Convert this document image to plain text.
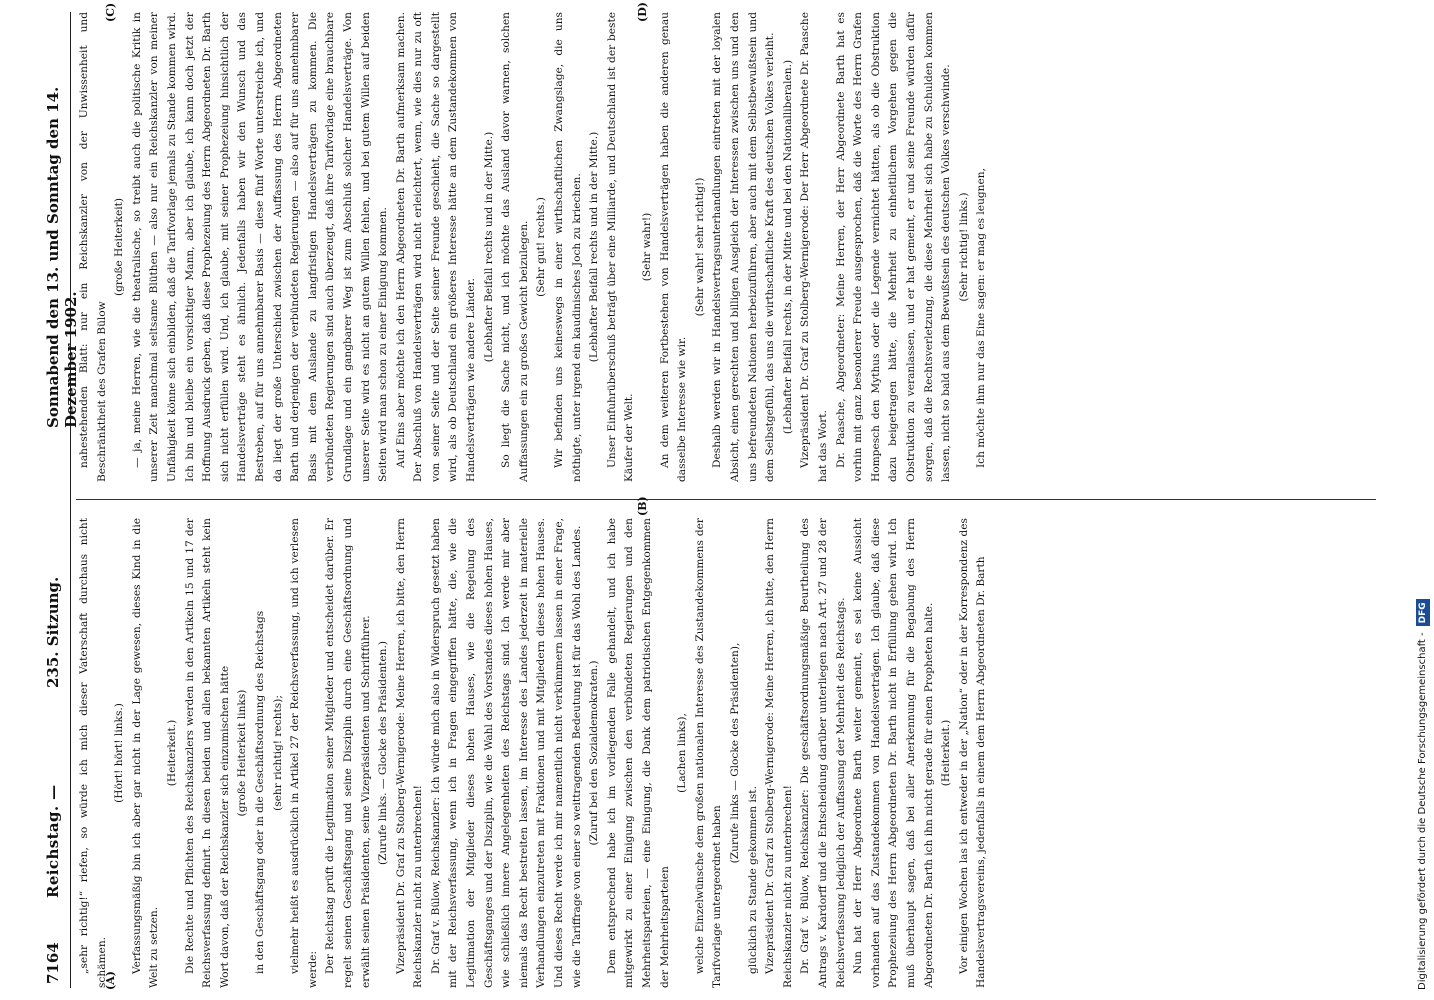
7164
Reichstag. —
235. Sitzung.
Sonnabend den 13. und Sonntag den 14. Dezember 1902.

„sehr richtig!“ riefen, so würde ich mich dieser Vaterschaft durchaus nicht schämen.

(Hört! hört! links.) Verfassungsmäßig bin ich aber gar nicht in der Lage gewesen, dieses Kind in die Welt zu setzen.

(Heiterkeit.) Die Rechte und Pflichten des Reichskanzlers werden in den Artikeln 15 und 17 der Reichsverfassung definirt. In diesen beiden und allen bekannten Artikeln steht kein Wort davon, daß der Reichskanzler sich einzumischen hätte (große Heiterkeit links) in den Geschäftsgang oder in die Geschäftsordnung des Reichstags (sehr richtig! rechts); vielmehr heißt es ausdrücklich in Artikel 27 der Reichsverfassung, und ich verlesen werde: Der Reichstag prüft die Legitimation seiner Mitglieder und entscheidet darüber. Er regelt seinen Geschäftsgang und seine Disziplin durch eine Geschäftsordnung und erwählt seinen Präsidenten, seine Vizepräsidenten und Schriftführer. (Zurufe links. — Glocke des Präsidenten.) Vizepräsident Dr. Graf zu Stolberg-Wernigerode: Meine Herren, ich bitte, den Herrn Reichskanzler nicht zu unterbrechen! Dr. Graf v. Bülow, Reichskanzler: Ich würde mich also in Widerspruch gesetzt haben mit der Reichsverfassung, wenn ich in Fragen eingegriffen hätte, die, wie die Legitimation der Mitglieder dieses hohen Hauses, wie die Regelung des Geschäftsganges und der Disziplin, wie die Wahl des Vorstandes dieses hohen Hauses, wie schließlich innere Angelegenheiten des Reichstags sind. Ich werde mir aber niemals das Recht bestreiten lassen, im Interesse des Landes jederzeit in materielle Verhandlungen einzutreten mit Fraktionen und mit Mitgliedern dieses hohen Hauses. Und dieses Recht werde ich mir namentlich nicht verkümmern lassen in einer Frage, wie die Tariffrage von einer so weittragenden Bedeutung ist für das Wohl des Landes. (Zuruf bei den Sozialdemokraten.) Dem entsprechend habe ich im vorliegenden Falle gehandelt, und ich habe mitgewirkt zu einer Einigung zwischen den verbündeten Regierungen und den Mehrheitsparteien, — eine Einigung, die Dank dem patriotischen Entgegenkommen der Mehrheitsparteien

(Lachen links), welche Einzelwünsche dem großen nationalen Interesse des Zustandekommens der Tarifvorlage untergeordnet haben

(Zurufe links — Glocke des Präsidenten),

glücklich zu Stande gekommen ist. Vizepräsident Dr. Graf zu Stolberg-Wernigerode: Meine Herren, ich bitte, den Herrn Reichskanzler nicht zu unterbrechen! Dr. Graf v. Bülow, Reichskanzler: Die geschäftsordnungsmäßige Beurtheilung des Antrags v. Kardorff und die Entscheidung darüber unterliegen nach Art. 27 und 28 der Reichsverfassung lediglich der Auffassung der Mehrheit des Reichstags. Nun hat der Herr Abgeordnete Barth weiter gemeint, es sei keine Aussicht vorhanden auf das Zustandekommen von Handelsverträgen. Ich glaube, daß diese Prophezeiung des Herrn Abgeordneten Dr. Barth nicht in Erfüllung gehen wird. Ich muß überhaupt sagen, daß bei aller Anerkennung für die Begabung des Herrn Abgeordneten Dr. Barth ich ihn nicht gerade für einen Propheten halte. (Heiterkeit.) Vor einigen Wochen las ich entweder in der „Nation“ oder in der Korrespondenz des Handelsvertragsvereins, jedenfalls in einem dem Herrn Abgeordneten Dr. Barth

nahestehenden Blatt: nur ein Reichskanzler von der Unwissenheit und Beschränktheit des Grafen Bülow

(große Heiterkeit) — ja, meine Herren, wie die theatralische, so treibt auch die politische Kritik in unserer Zeit manchmal seltsame Blüthen — also nur ein Reichskanzler von meiner Unfähigkeit könne sich einbilden, daß die Tarifvorlage jemals zu Stande kommen wird. Ich bin und bleibe ein vorsichtiger Mann, aber ich glaube, ich kann doch jetzt der Hoffnung Ausdruck geben, daß diese Prophezeiung des Herrn Abgeordneten Dr. Barth sich nicht erfüllen wird. Und, ich glaube, mit seiner Prophezeiung hinsichtlich der Handelsverträge steht es ähnlich. Jedenfalls haben wir den Wunsch und das Bestreben, auf für uns annehmbarer Basis — diese fünf Worte unterstreiche ich, und da liegt der große Unterschied zwischen der Auffassung des Herrn Abgeordneten Barth und derjenigen der verbündeten Regierungen — also auf für uns annehmbarer Basis mit dem Auslande zu langfristigen Handelsverträgen zu kommen. Die verbündeten Regierungen sind auch überzeugt, daß ihre Tarifvorlage eine brauchbare Grundlage und ein gangbarer Weg ist zum Abschluß solcher Handelsverträge. Von unserer Seite wird es nicht an gutem Willen fehlen, und bei gutem Willen auf beiden Seiten wird man schon zu einer Einigung kommen. Auf Eins aber möchte ich den Herrn Abgeordneten Dr. Barth aufmerksam machen. Der Abschluß von Handelsverträgen wird nicht erleichtert, wenn, wie dies nur zu oft von seiner Seite und der Seite seiner Freunde geschieht, die Sache so dargestellt wird, als ob Deutschland ein größeres Interesse hätte an dem Zustandekommen von Handelsverträgen wie andere Länder.

(Lebhafter Beifall rechts und in der Mitte.) So liegt die Sache nicht, und ich möchte das Ausland davor warnen, solchen Auffassungen ein zu großes Gewicht beizulegen. (Sehr gut! rechts.) Wir befinden uns keineswegs in einer wirthschaftlichen Zwangslage, die uns nöthigte, unter irgend ein kaudinisches Joch zu kriechen. (Lebhafter Beifall rechts und in der Mitte.) Unser Einfuhrüberschuß beträgt über eine Milliarde, und Deutschland ist der beste Käufer der Welt.

(Sehr wahr!) An dem weiteren Fortbestehen von Handelsverträgen haben die anderen genau dasselbe Interesse wie wir.

(Sehr wahr! sehr richtig!) Deshalb werden wir in Handelsvertragsunterhandlungen eintreten mit der loyalen Absicht, einen gerechten und billigen Ausgleich der Interessen zwischen uns und den uns befreundeten Nationen herbeizuführen, aber auch mit dem Selbstbewußtsein und dem Selbstgefühl, das uns die wirthschaftliche Kraft des deutschen Volkes verleiht. (Lebhafter Beifall rechts, in der Mitte und bei den Nationalliberalen.) Vizepräsident Dr. Graf zu Stolberg-Wernigerode: Der Herr Abgeordnete Dr. Paasche hat das Wort. Dr. Paasche, Abgeordneter: Meine Herren, der Herr Abgeordnete Barth hat es vorhin mit ganz besonderer Freude ausgesprochen, daß die Worte des Herrn Grafen Hompesch den Mythus oder die Legende vernichtet hätten, als ob die Obstruktion dazu beigetragen hätte, die Mehrheit zu einheitlichem Vorgehen gegen die Obstruktion zu veranlassen, und er hat gemeint, er und seine Freunde würden dafür sorgen, daß die Rechtsverletzung, die diese Mehrheit sich habe zu Schulden kommen lassen, nicht so bald aus dem Bewußtsein des deutschen Volkes verschwinde. (Sehr richtig! links.) Ich möchte ihm nur das Eine sagen: er mag es leugnen,

(A)
(B)
(C)	(D)
Digitalisierung gefördert durch die Deutsche Forschungsgemeinschaft -DFG
